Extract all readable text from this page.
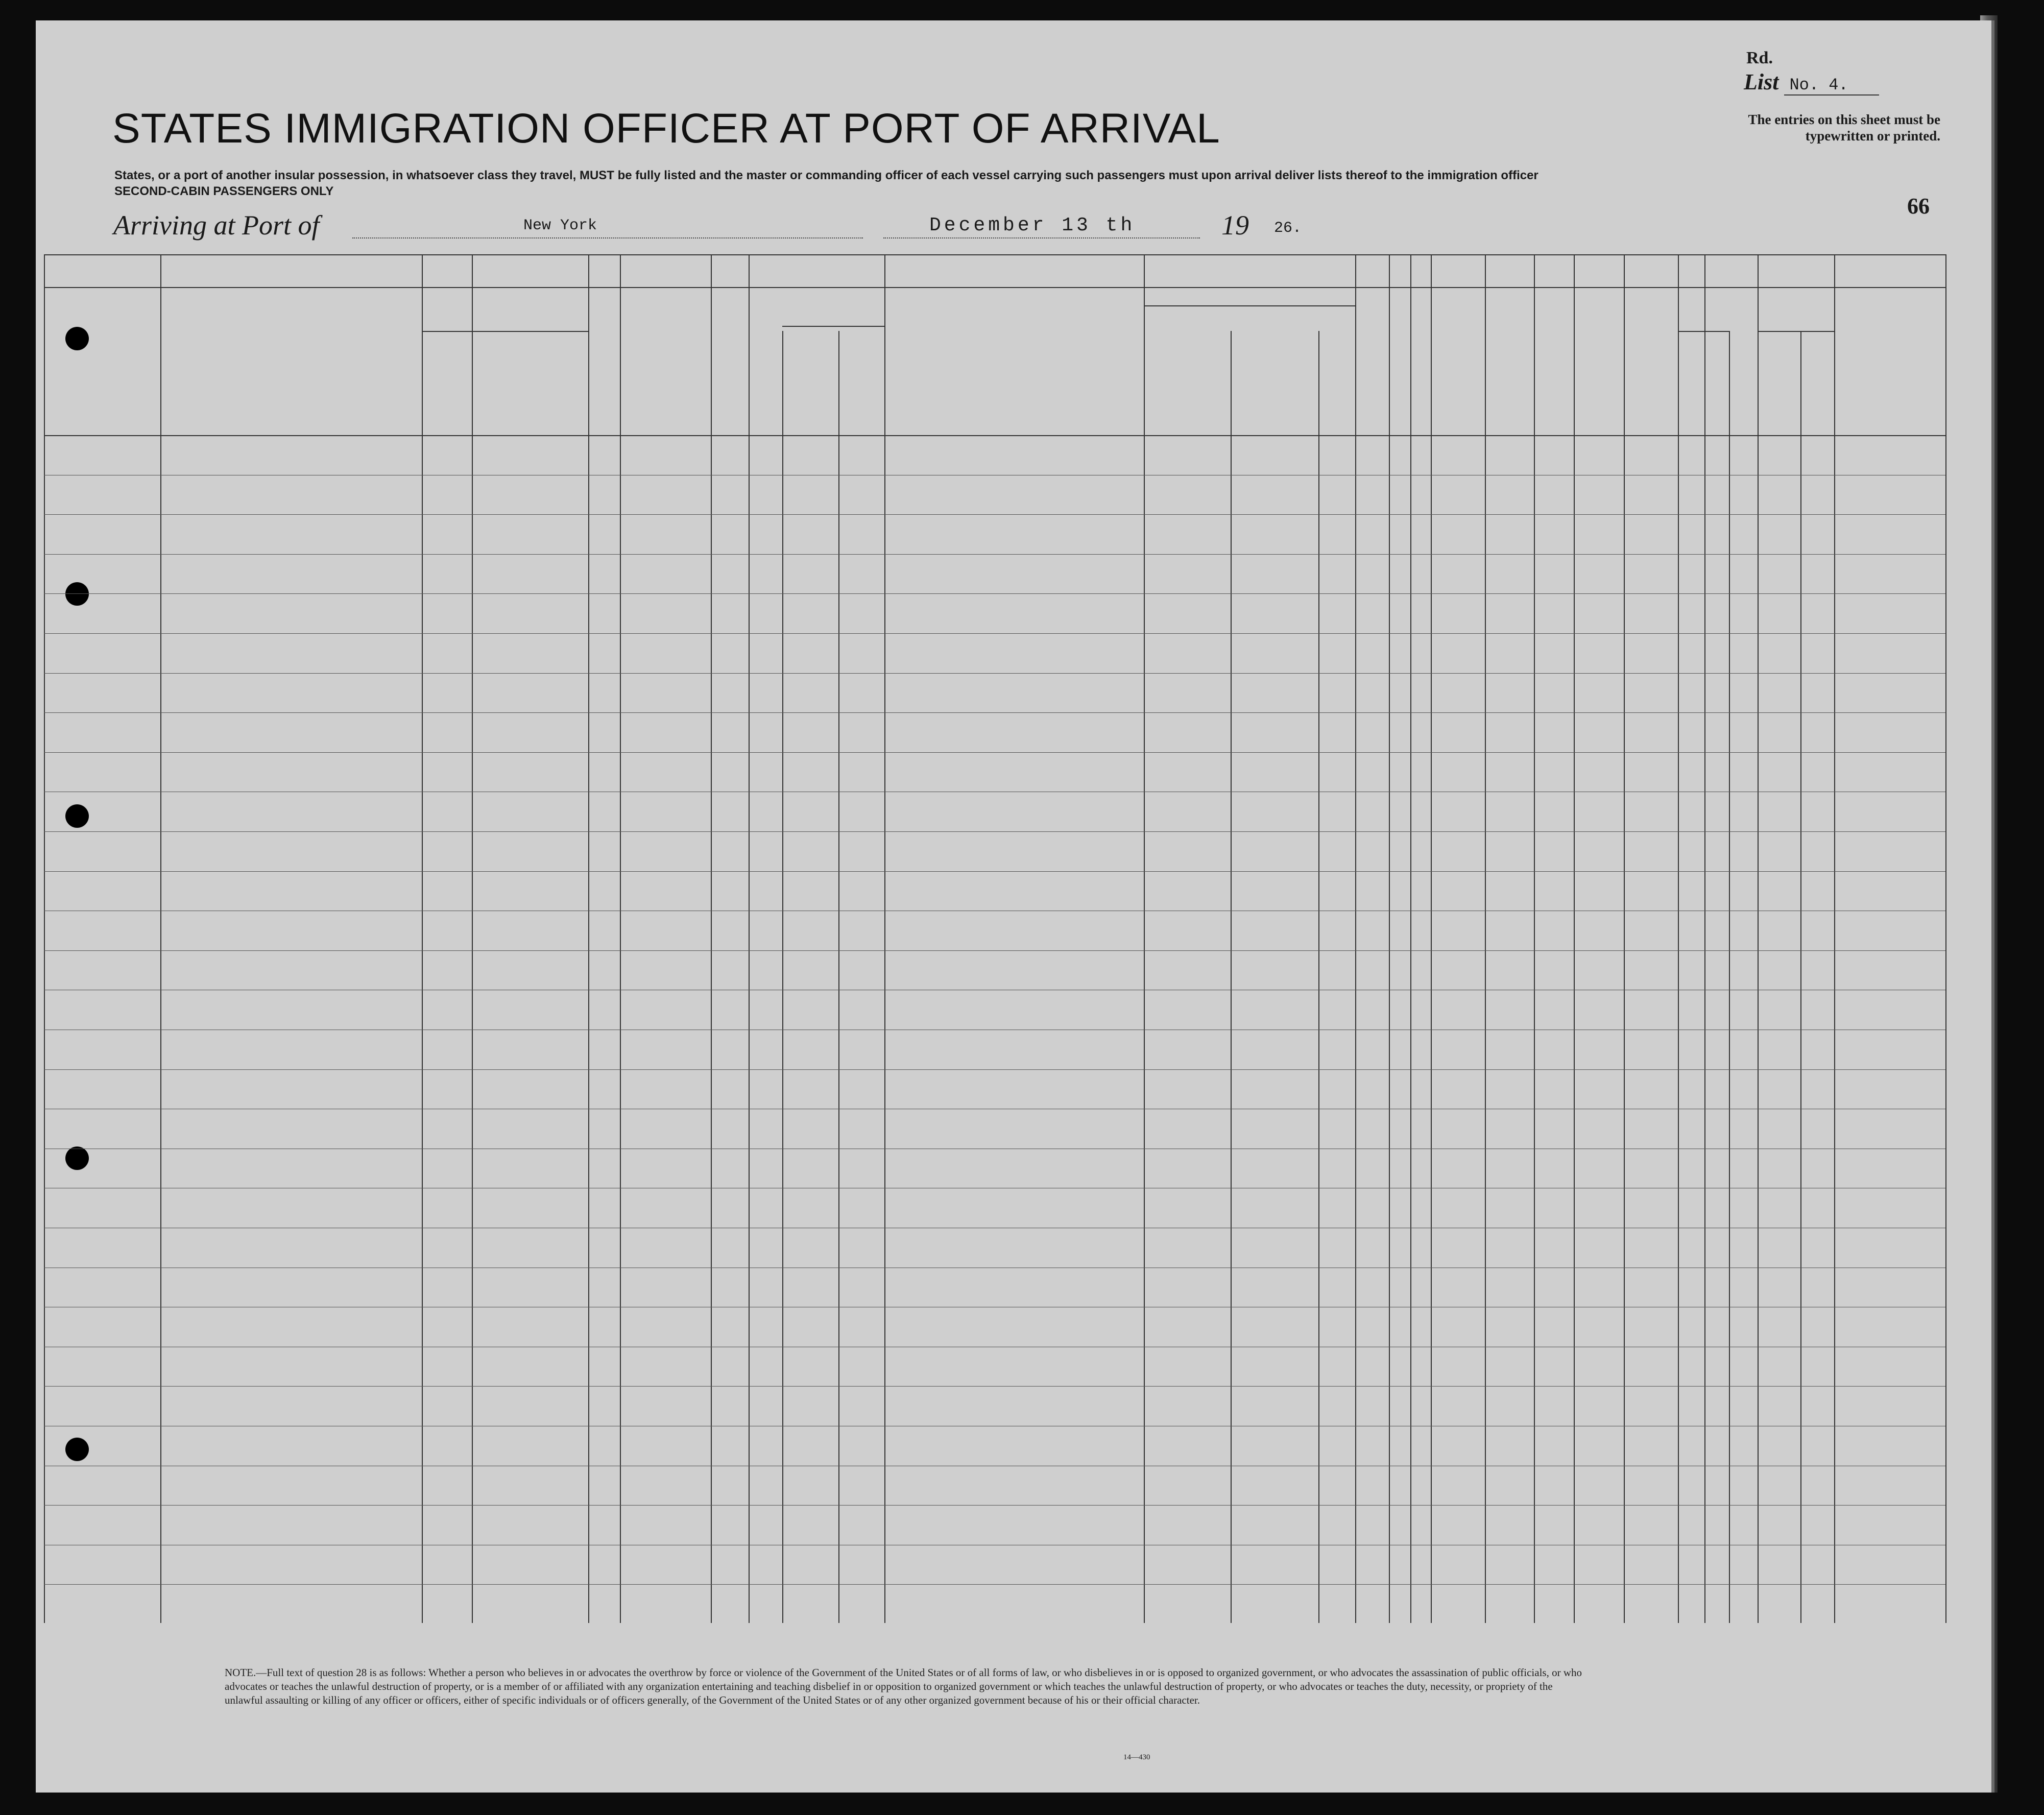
Rd.
List No. 4.
The entries on this sheet must be typewritten or printed.
STATES IMMIGRATION OFFICER AT PORT OF ARRIVAL
States, or a port of another insular possession, in whatsoever class they travel, MUST be fully listed and the master or commanding officer of each vessel carrying such passengers must upon arrival deliver lists thereof to the immigration officer
SECOND-CABIN PASSENGERS ONLY
Arriving at Port of	New York	December 13 th	19 26.
66
NOTE.—Full text of question 28 is as follows: Whether a person who believes in or advocates the overthrow by force or violence of the Government of the United States or of all forms of law, or who disbelieves in or is opposed to organized government, or who advocates the assassination of public officials, or who advocates or teaches the unlawful destruction of property, or is a member of or affiliated with any organization entertaining and teaching disbelief in or opposition to organized government or which teaches the unlawful destruction of property, or who advocates or teaches the duty, necessity, or propriety of the unlawful assaulting or killing of any officer or officers, either of specific individuals or of officers generally, of the Government of the United States or of any other organized government because of his or their official character.
14—430
